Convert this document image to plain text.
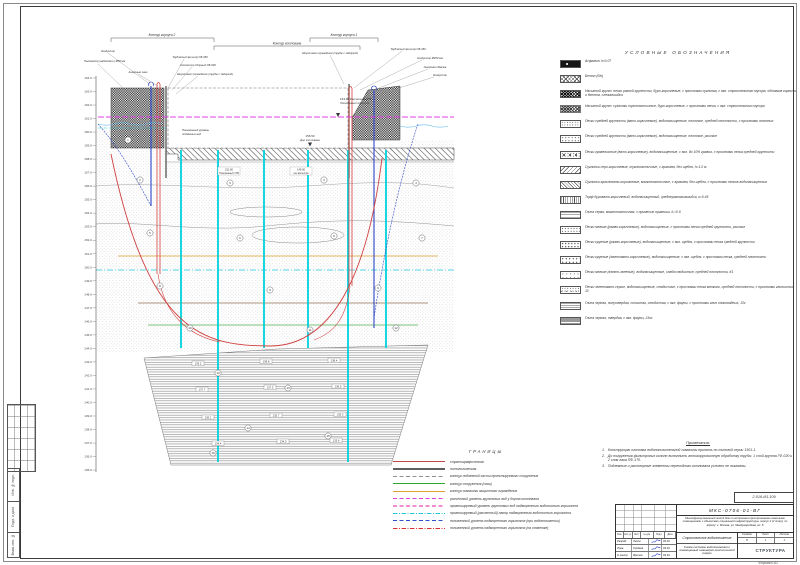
Взам. инв. №
Подп. и дата
Инв. № подл.
164.0
163.0
162.0
161.0
160.0
159.0
158.0
157.0
156.0
155.0
154.0
153.0
152.0
151.0
150.0
149.0
148.0
147.0
146.0
145.0
144.0
143.0
142.0
141.0
140.0
139.0
138.0
137.0
136.0
135.0
Контур корпуса 2
Контур котлована
Контур корпуса 1
Кондуктор
Пьезометр (наблюдат.) Ø50 мм
Анкерные сваи
Трубчатый фильтр СВ-450
Коллектор сборный СВ-630
Шпунтовое ограждение (трубы с забиркой)
Шпунтовое ограждение (трубы с забиркой)
Трубчатый фильтр СВ-450
Кондуктор Ø450 мм
Анкерная обвязка
Кондуктор
163.60 Расчетный УГВ
Техногенный горизонт
Пониженный уровень
подземных вод	156.50
Дно котлована
151.60
Пониженный УГВ
149.00
низ фильтра
1
2
3
3
4
5
6	6	7
8
9	9
10	11	12
13
13
14
15
15
139.2
138.8	138.4
137.7
137.3	136.9
136.1
135.7	135.3
134.4
134.0	133.6
УСЛОВНЫЕ ОБОЗНАЧЕНИЯ
Асфальт h=0.07
Бетон (б/н)
Насыпной грунт: пески разной крупности, буро-коричневые, с прослоями суглинка, с вкл. строительного мусора, обломков кирпича и бетона, слежавшийся
Насыпной грунт: суглинки тугопластичные, буро-коричневые, с прослоями песка, с вкл. строительного мусора
Пески средней крупности (вато-коричневые), водонасыщенные, плотные, средней плотности, с прослоями плотных
Пески средней крупности (вато-коричневые), водонасыщенные, плотные, рыхлые
Пески гравелистые (вато-коричневые), водонасыщенные, с вкл. до 10% гравия, с прослоями песка средней крупности
Суглинки серо-коричневые, тугопластичные, с гравием, без щебня, h≈1.0 м
Суглинки красновато-коричневые, мягкопластичные, с гравием, без щебня, с прослоями песков водонасыщенных
Торф буровато-коричневый, водонасыщенный, среднеразложившийся, к≈0.45
Глина серая, мягкопластичная, с примесью органики, IL≈0.6
Пески мелкие (ржаво-коричневые), водонасыщенные, с прослоями песка средней крупности, рыхлые
Пески крупные (ржаво-коричневые), водонасыщенные, с вкл. щебня, с прослоями песка средней крупности
Пески крупные (желтовато-коричневые), водонасыщенные, с вкл. щебня, с прослоями песка, средней плотности
Пески мелкие (желто-зеленые), водонасыщенные, слабослюдистые, средней плотности, К1
Пески зеленовато-серые, водонасыщенные, слюдистые, с прослоями песка мелкого, средней плотности, с прослоями глинистых, J3
Глина черная, полутвердая, слоистая, слюдистая, с вкл. фауны, с прослоями глин опоковидных, J3v
Глина черная, твердая, с вкл. фауны, J3ox
ГРАНИЦЫ
стратиграфическая
литологическая
контур подземной части проектируемого сооружения
контур сооружения (сваи)
контур скважины защитного ограждения
расчетный уровень грунтовых вод у борта котлована
прогнозируемый уровень грунтовых вод надморенного водоносного горизонта
прогнозируемый (расчетный) напор надморенного водоносного горизонта
пониженный уровень подморенного горизонта (при водопонижении)
пониженный уровень надморенного горизонта (на отметке)
Примечания:
1. Конструкцию оголовка водопонизительной скважины принять по типовой серии 1301-1.
2. До погружения фильтровых колонн выполнить антикоррозионную обработку трубы: 1 слой грунта ГФ-020 и 2 слоя лака ПФ-170.
3. Подземные и растворные элементы переходного котлована условно не показаны.
2-016-И1.109
Изм. Кол.уч. Лист	№ док.	Подп.	Дата
Разраб.	Ляхов	03.16
Пров.	Гордеев	03.16
Н.контр.	Фролов	03.16
МКС-0706-01-ВГ
Многофункциональный жилой дом со встроенно-пристроенными нежилыми помещениями и объектами социальной инфраструктуры, корпус 2 (2 этап), по адресу: г. Москва, ул. Международная, вл. 8
Строительное водопонижение
Схема системы водопонижения и совмещенный инженерно-геологический разрез
Стадия	Лист	Листов
П	1	1
СТРУКТУРА
Формат А1
